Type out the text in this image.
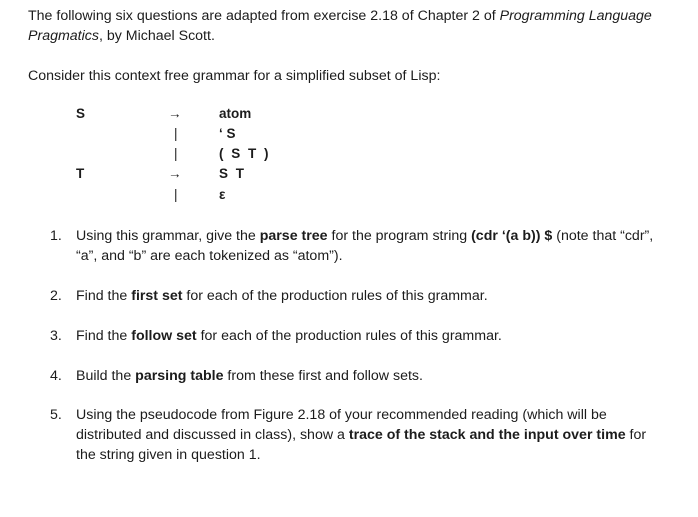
The following six questions are adapted from exercise 2.18 of Chapter 2 of Programming Language Pragmatics, by Michael Scott.

Consider this context free grammar for a simplified subset of Lisp:

S	→	atom
|	‘ S
|	( S T )
T	→	S T
|	ε
1. Using this grammar, give the parse tree for the program string (cdr ‘(a b)) $ (note that “cdr”, “a”, and “b” are each tokenized as “atom”).
2. Find the first set for each of the production rules of this grammar.
3. Find the follow set for each of the production rules of this grammar.
4. Build the parsing table from these first and follow sets.
5. Using the pseudocode from Figure 2.18 of your recommended reading (which will be distributed and discussed in class), show a trace of the stack and the input over time for the string given in question 1.
